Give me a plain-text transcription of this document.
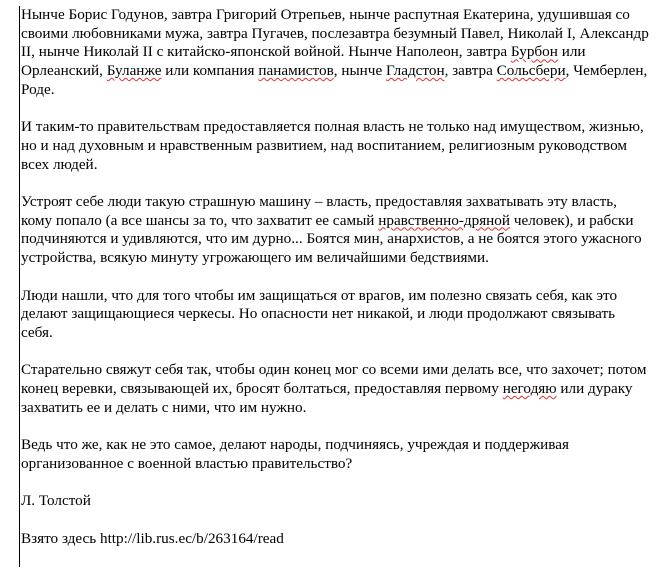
Нынче Борис Годунов, завтра Григорий Отрепьев, нынче распутная Екатерина, удушившая со своими любовниками мужа, завтра Пугачев, послезавтра безумный Павел, Николай I, Александр II, нынче Николай II с китайско-японской войной. Нынче Наполеон, завтра Бурбон или Орлеанский, Буланже или компания панамистов, нынче Гладстон, завтра Сольсбери, Чемберлен, Роде.

И таким-то правительствам предоставляется полная власть не только над имуществом, жизнью, но и над духовным и нравственным развитием, над воспитанием, религиозным руководством всех людей.

Устроят себе люди такую страшную машину – власть, предоставляя захватывать эту власть, кому попало (а все шансы за то, что захватит ее самый нравственно-дряной человек), и рабски подчиняются и удивляются, что им дурно... Боятся мин, анархистов, а не боятся этого ужасного устройства, всякую минуту угрожающего им величайшими бедствиями.

Люди нашли, что для того чтобы им защищаться от врагов, им полезно связать себя, как это делают защищающиеся черкесы. Но опасности нет никакой, и люди продолжают связывать себя.

Старательно свяжут себя так, чтобы один конец мог со всеми ими делать все, что захочет; потом конец веревки, связывающей их, бросят болтаться, предоставляя первому негодяю или дураку захватить ее и делать с ними, что им нужно.

Ведь что же, как не это самое, делают народы, подчиняясь, учреждая и поддерживая организованное с военной властью правительство?

Л. Толстой

Взято здесь http://lib.rus.ec/b/263164/read
